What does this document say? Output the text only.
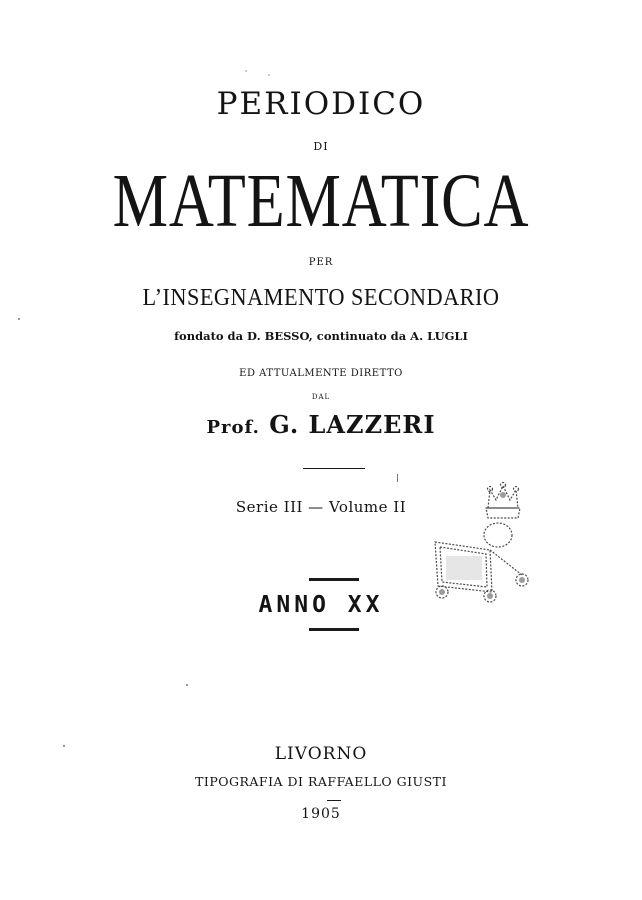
PERIODICO
DI
MATEMATICA
PER
L’INSEGNAMENTO SECONDARIO
fondato da D. BESSO, continuato da A. LUGLI
ED ATTUALMENTE DIRETTO
DAL
Prof. G. LAZZERI
Serie III — Volume II
ANNO XX
LIVORNO
TIPOGRAFIA DI RAFFAELLO GIUSTI
1905
